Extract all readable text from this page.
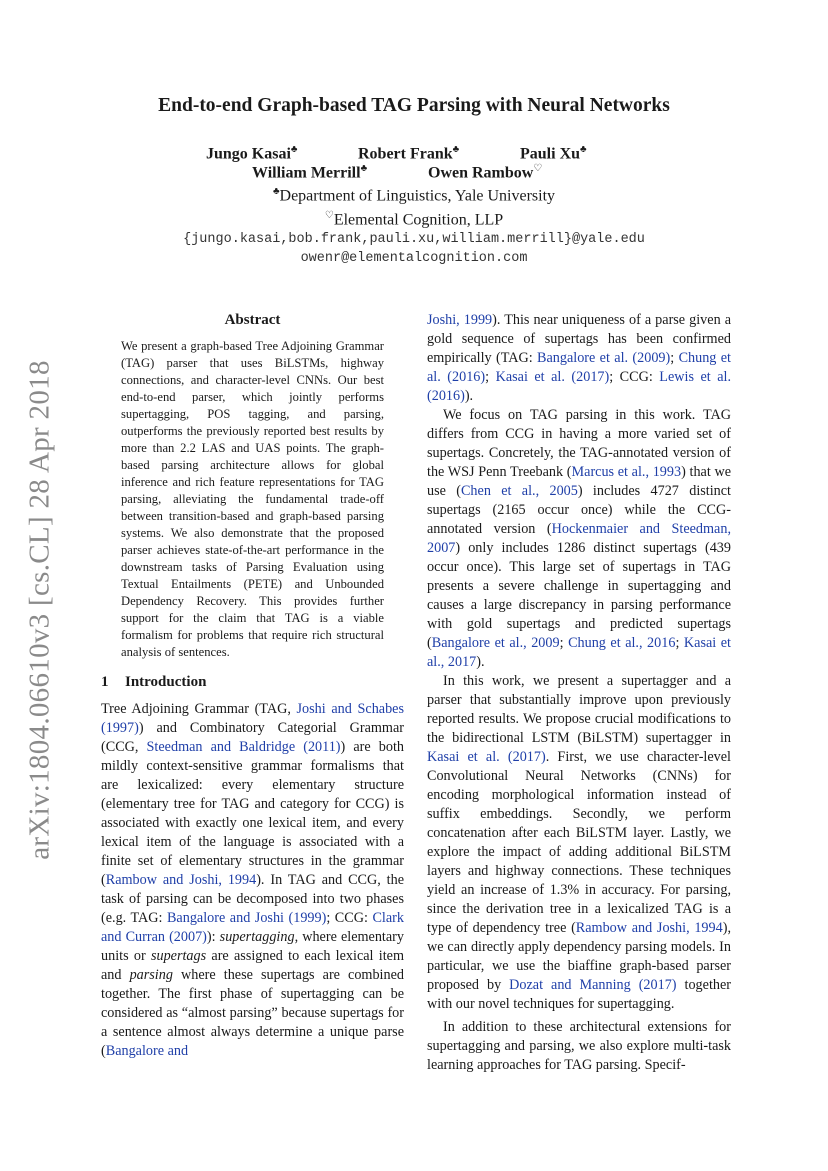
arXiv:1804.06610v3 [cs.CL] 28 Apr 2018
End-to-end Graph-based TAG Parsing with Neural Networks
Jungo Kasai♣	Robert Frank♣	Pauli Xu♣
William Merrill♣	Owen Rambow♡
♣Department of Linguistics, Yale University
♡Elemental Cognition, LLP
{jungo.kasai,bob.frank,pauli.xu,william.merrill}@yale.edu
owenr@elementalcognition.com
Abstract
We present a graph-based Tree Adjoining Grammar (TAG) parser that uses BiLSTMs, highway connections, and character-level CNNs. Our best end-to-end parser, which jointly performs supertagging, POS tagging, and parsing, outperforms the previously reported best results by more than 2.2 LAS and UAS points. The graph-based parsing architecture allows for global inference and rich feature representations for TAG parsing, alleviating the fundamental trade-off between transition-based and graph-based parsing systems. We also demonstrate that the proposed parser achieves state-of-the-art performance in the downstream tasks of Parsing Evaluation using Textual Entailments (PETE) and Unbounded Dependency Recovery. This provides further support for the claim that TAG is a viable formalism for problems that require rich structural analysis of sentences.
1 Introduction

Tree Adjoining Grammar (TAG, Joshi and Schabes (1997)) and Combinatory Categorial Grammar (CCG, Steedman and Baldridge (2011)) are both mildly context-sensitive grammar formalisms that are lexicalized: every elementary structure (elementary tree for TAG and category for CCG) is associated with exactly one lexical item, and every lexical item of the language is associated with a finite set of elementary structures in the grammar (Rambow and Joshi, 1994). In TAG and CCG, the task of parsing can be decomposed into two phases (e.g. TAG: Bangalore and Joshi (1999); CCG: Clark and Curran (2007)): supertagging, where elementary units or supertags are assigned to each lexical item and parsing where these supertags are combined together. The first phase of supertagging can be considered as “almost parsing” because supertags for a sentence almost always determine a unique parse (Bangalore and

Joshi, 1999). This near uniqueness of a parse given a gold sequence of supertags has been confirmed empirically (TAG: Bangalore et al. (2009); Chung et al. (2016); Kasai et al. (2017); CCG: Lewis et al. (2016)).

We focus on TAG parsing in this work. TAG differs from CCG in having a more varied set of supertags. Concretely, the TAG-annotated version of the WSJ Penn Treebank (Marcus et al., 1993) that we use (Chen et al., 2005) includes 4727 distinct supertags (2165 occur once) while the CCG-annotated version (Hockenmaier and Steedman, 2007) only includes 1286 distinct supertags (439 occur once). This large set of supertags in TAG presents a severe challenge in supertagging and causes a large discrepancy in parsing performance with gold supertags and predicted supertags (Bangalore et al., 2009; Chung et al., 2016; Kasai et al., 2017).

In this work, we present a supertagger and a parser that substantially improve upon previously reported results. We propose crucial modifications to the bidirectional LSTM (BiLSTM) supertagger in Kasai et al. (2017). First, we use character-level Convolutional Neural Networks (CNNs) for encoding morphological information instead of suffix embeddings. Secondly, we perform concatenation after each BiLSTM layer. Lastly, we explore the impact of adding additional BiLSTM layers and highway connections. These techniques yield an increase of 1.3% in accuracy. For parsing, since the derivation tree in a lexicalized TAG is a type of dependency tree (Rambow and Joshi, 1994), we can directly apply dependency parsing models. In particular, we use the biaffine graph-based parser proposed by Dozat and Manning (2017) together with our novel techniques for supertagging.

In addition to these architectural extensions for supertagging and parsing, we also explore multi-task learning approaches for TAG parsing. Specif-
